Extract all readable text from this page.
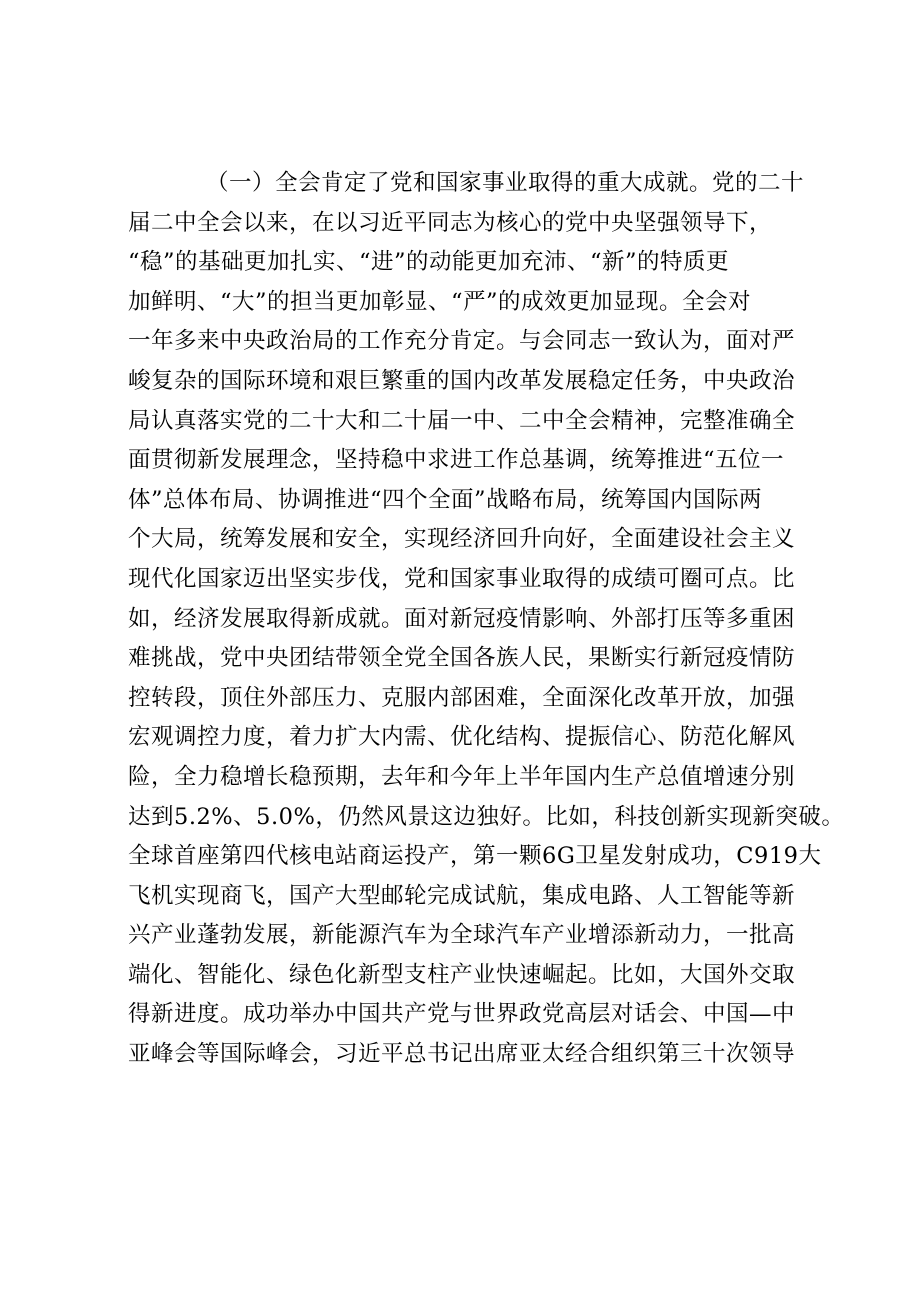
（一）全会肯定了党和国家事业取得的重大成就。党的二十
届二中全会以来，在以习近平同志为核心的党中央坚强领导下，
“稳”的基础更加扎实、“进”的动能更加充沛、“新”的特质更
加鲜明、“大”的担当更加彰显、“严”的成效更加显现。全会对
一年多来中央政治局的工作充分肯定。与会同志一致认为，面对严
峻复杂的国际环境和艰巨繁重的国内改革发展稳定任务，中央政治
局认真落实党的二十大和二十届一中、二中全会精神，完整准确全
面贯彻新发展理念，坚持稳中求进工作总基调，统筹推进“五位一
体”总体布局、协调推进“四个全面”战略布局，统筹国内国际两
个大局，统筹发展和安全，实现经济回升向好，全面建设社会主义
现代化国家迈出坚实步伐，党和国家事业取得的成绩可圈可点。比
如，经济发展取得新成就。面对新冠疫情影响、外部打压等多重困
难挑战，党中央团结带领全党全国各族人民，果断实行新冠疫情防
控转段，顶住外部压力、克服内部困难，全面深化改革开放，加强
宏观调控力度，着力扩大内需、优化结构、提振信心、防范化解风
险，全力稳增长稳预期，去年和今年上半年国内生产总值增速分别
达到5.2%、5.0%，仍然风景这边独好。比如，科技创新实现新突破。
全球首座第四代核电站商运投产，第一颗6G卫星发射成功，C919大
飞机实现商飞，国产大型邮轮完成试航，集成电路、人工智能等新
兴产业蓬勃发展，新能源汽车为全球汽车产业增添新动力，一批高
端化、智能化、绿色化新型支柱产业快速崛起。比如，大国外交取
得新进度。成功举办中国共产党与世界政党高层对话会、中国—中
亚峰会等国际峰会，习近平总书记出席亚太经合组织第三十次领导
